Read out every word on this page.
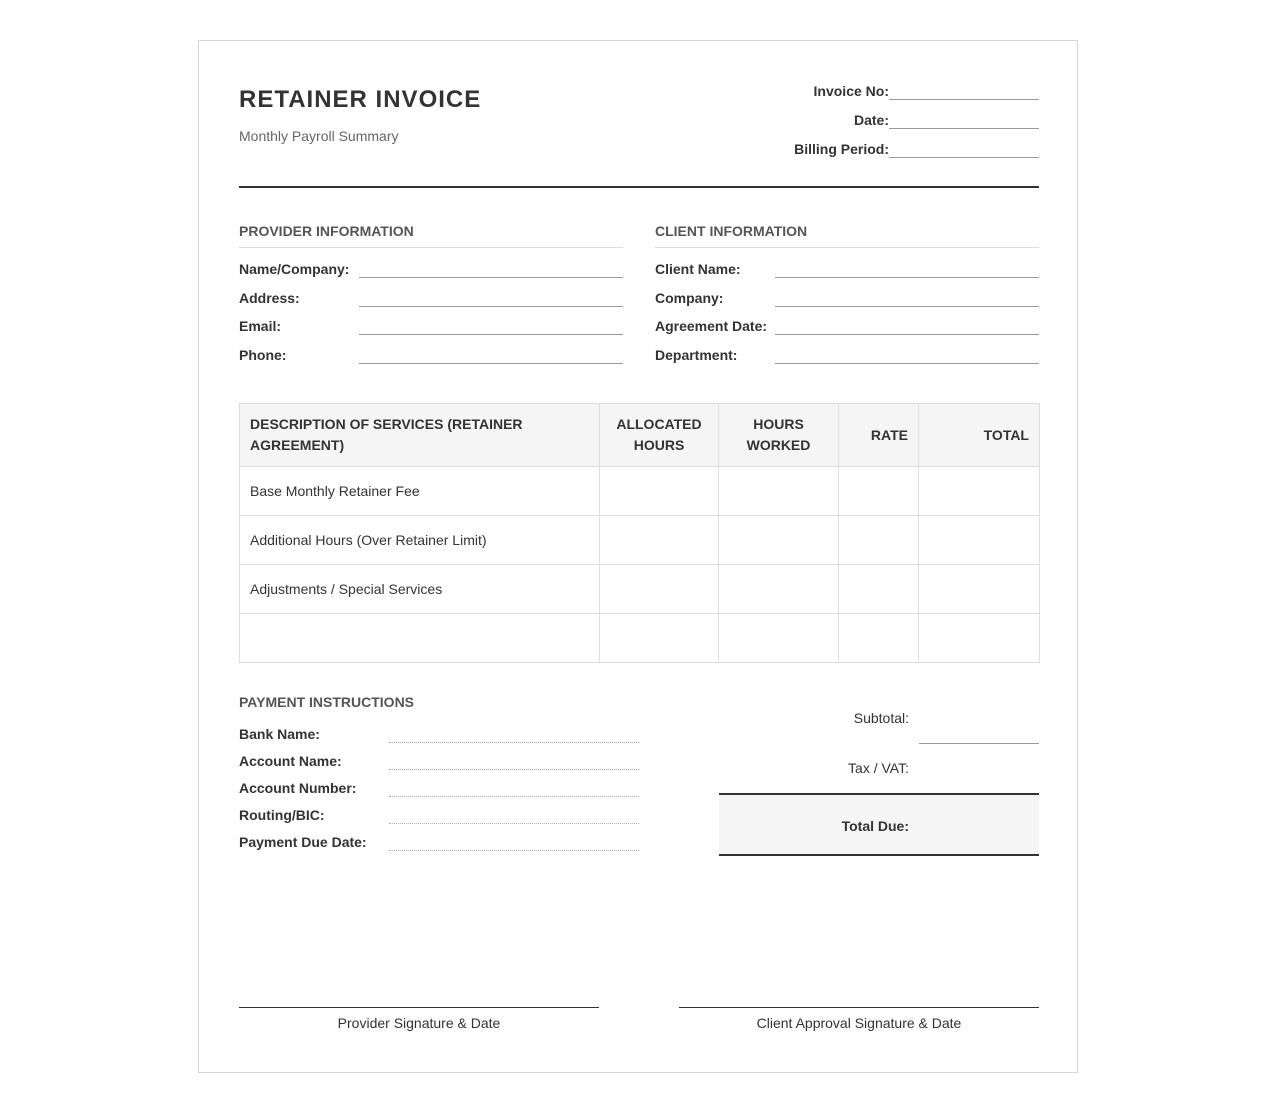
RETAINER INVOICE
Monthly Payroll Summary
Invoice No:
Date:
Billing Period:
PROVIDER INFORMATION
Name/Company:
Address:
Email:
Phone:
CLIENT INFORMATION
Client Name:
Company:
Agreement Date:
Department:
DESCRIPTION OF SERVICES (RETAINER AGREEMENT)	ALLOCATED HOURS	HOURS WORKED	RATE	TOTAL
Base Monthly Retainer Fee				
Additional Hours (Over Retainer Limit)				
Adjustments / Special Services				

PAYMENT INSTRUCTIONS
Bank Name:
Account Name:
Account Number:
Routing/BIC:
Payment Due Date:
Subtotal:
Tax / VAT:
Total Due:
Provider Signature & Date	Client Approval Signature & Date
